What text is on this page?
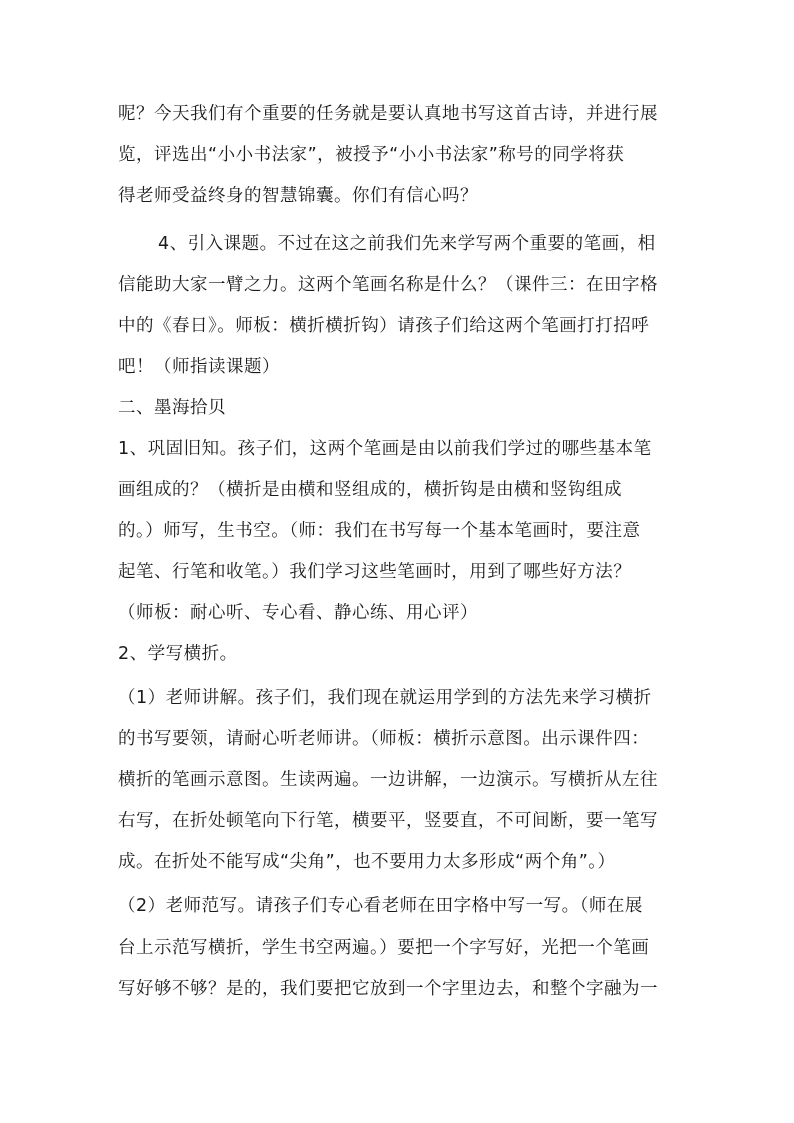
呢？今天我们有个重要的任务就是要认真地书写这首古诗，并进行展
览，评选出“小小书法家”，被授予“小小书法家”称号的同学将获
得老师受益终身的智慧锦囊。你们有信心吗？
4、引入课题。不过在这之前我们先来学写两个重要的笔画，相
信能助大家一臂之力。这两个笔画名称是什么？（课件三：在田字格
中的《春日》。师板：横折横折钩）请孩子们给这两个笔画打打招呼
吧！（师指读课题）
二、墨海拾贝
1、巩固旧知。孩子们，这两个笔画是由以前我们学过的哪些基本笔
画组成的？（横折是由横和竖组成的，横折钩是由横和竖钩组成
的。）师写，生书空。（师：我们在书写每一个基本笔画时，要注意
起笔、行笔和收笔。）我们学习这些笔画时，用到了哪些好方法？
（师板：耐心听、专心看、静心练、用心评）
2、学写横折。
（1）老师讲解。孩子们，我们现在就运用学到的方法先来学习横折
的书写要领，请耐心听老师讲。（师板：横折示意图。出示课件四：
横折的笔画示意图。生读两遍。一边讲解，一边演示。写横折从左往
右写，在折处顿笔向下行笔，横要平，竖要直，不可间断，要一笔写
成。在折处不能写成“尖角”，也不要用力太多形成“两个角”。）
（2）老师范写。请孩子们专心看老师在田字格中写一写。（师在展
台上示范写横折，学生书空两遍。）要把一个字写好，光把一个笔画
写好够不够？是的，我们要把它放到一个字里边去，和整个字融为一
